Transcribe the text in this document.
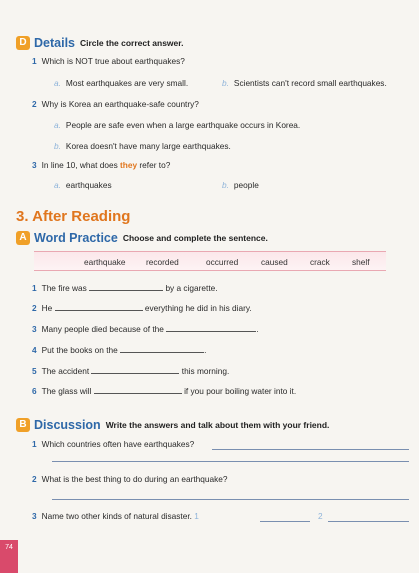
D Details Circle the correct answer.
1 Which is NOT true about earthquakes?
a. Most earthquakes are very small.	b. Scientists can't record small earthquakes.
2 Why is Korea an earthquake-safe country?
a. People are safe even when a large earthquake occurs in Korea.
b. Korea doesn't have many large earthquakes.
3 In line 10, what does they refer to?
a. earthquakes	b. people
3. After Reading
A Word Practice Choose and complete the sentence.
earthquake recorded	occurred	caused	crack	shelf
1 The fire was	by a cigarette.
2 He	everything he did in his diary.
3 Many people died because of the	.
4 Put the books on the	.
5 The accident	this morning.
6 The glass will	if you pour boiling water into it.
B Discussion Write the answers and talk about them with your friend.
1 Which countries often have earthquakes?
2 What is the best thing to do during an earthquake?
3 Name two other kinds of natural disaster. 1	2
74
